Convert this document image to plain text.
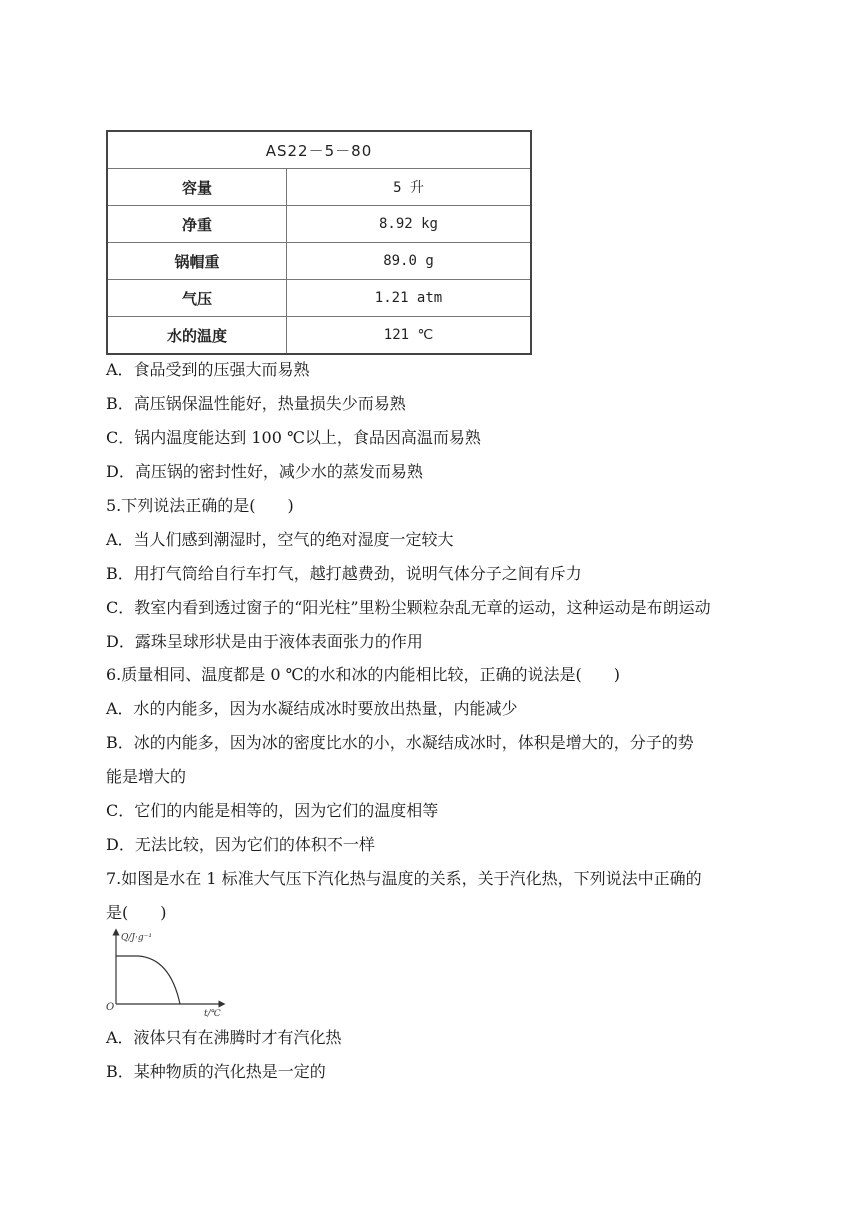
AS22－5－80	
容量	5 升
净重	8.92 kg
锅帽重	89.0 g
气压	1.21 atm
水的温度	121 ℃
A．食品受到的压强大而易熟
B．高压锅保温性能好，热量损失少而易熟
C．锅内温度能达到 100 ℃以上，食品因高温而易熟
D．高压锅的密封性好，减少水的蒸发而易熟
5.下列说法正确的是(　　)
A．当人们感到潮湿时，空气的绝对湿度一定较大
B．用打气筒给自行车打气，越打越费劲，说明气体分子之间有斥力
C．教室内看到透过窗子的“阳光柱”里粉尘颗粒杂乱无章的运动，这种运动是布朗运动
D．露珠呈球形状是由于液体表面张力的作用
6.质量相同、温度都是 0 ℃的水和冰的内能相比较，正确的说法是(　　)
A．水的内能多，因为水凝结成冰时要放出热量，内能减少
B．冰的内能多，因为冰的密度比水的小，水凝结成冰时，体积是增大的，分子的势
能是增大的
C．它们的内能是相等的，因为它们的温度相等
D．无法比较，因为它们的体积不一样
7.如图是水在 1 标准大气压下汽化热与温度的关系，关于汽化热，下列说法中正确的
是(　　)
Q/J·g⁻¹
t/℃
O
A．液体只有在沸腾时才有汽化热
B．某种物质的汽化热是一定的
